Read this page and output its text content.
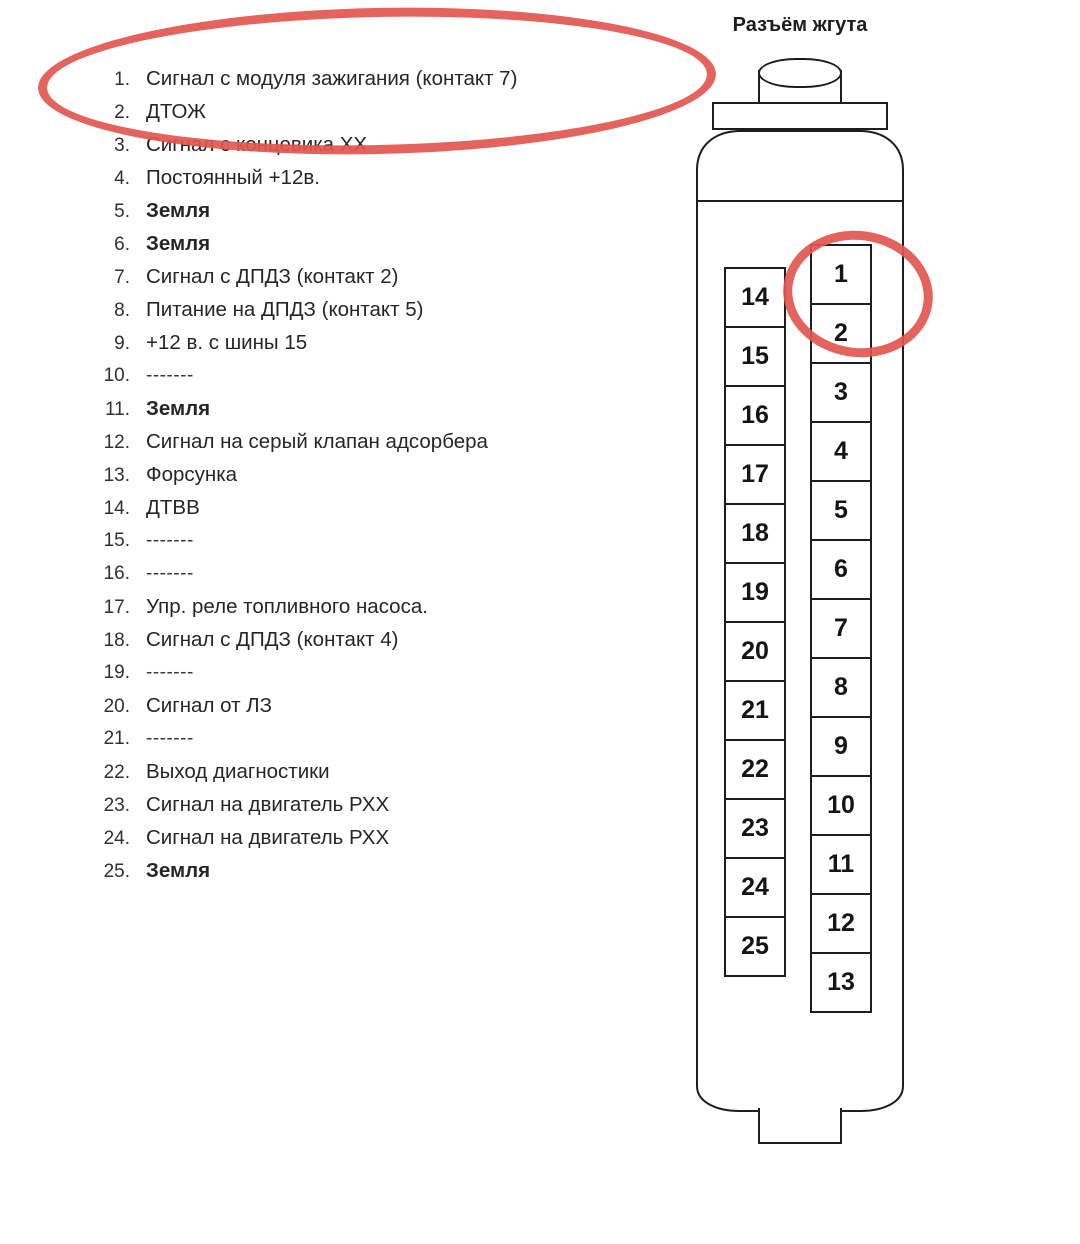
1. Сигнал с модуля зажигания (контакт 7)
2. ДТОЖ
3. Сигнал с концевика ХХ
4. Постоянный +12в.
5. Земля
6. Земля
7. Сигнал с ДПДЗ (контакт 2)
8. Питание на ДПДЗ (контакт 5)
9. +12 в. с шины 15
10. -------
11. Земля
12. Сигнал на серый клапан адсорбера
13. Форсунка
14. ДТВВ
15. -------
16. -------
17. Упр. реле топливного насоса.
18. Сигнал с ДПДЗ (контакт 4)
19. -------
20. Сигнал от ЛЗ
21. -------
22. Выход диагностики
23. Сигнал на двигатель РХХ
24. Сигнал на двигатель РХХ
25. Земля
Разъём жгута
14
15
16
17
18
19
20
21
22
23
24
25
1
2
3
4
5
6
7
8
9
10
11
12
13
